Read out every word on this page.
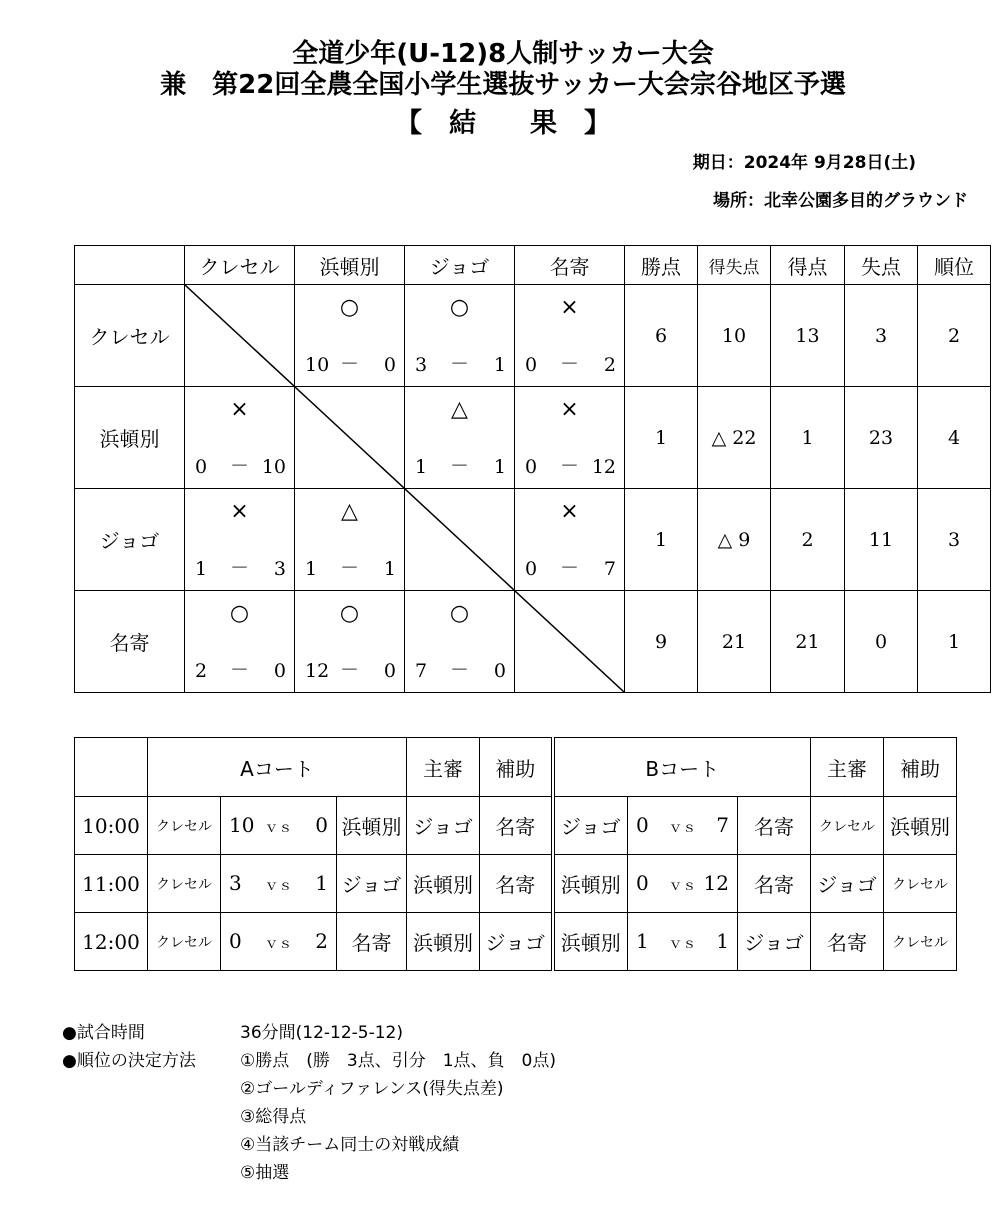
全道少年(U-12)8人制サッカー大会
兼　第22回全農全国小学生選抜サッカー大会宗谷地区予選
【　結　　果　】
期日：2024年 9月28日(土)
場所：北幸公園多目的グラウンド
	クレセル	浜頓別	ジョゴ	名寄	勝点	得失点	得点	失点	順位
クレセル		○
10 － 0	○
3 － 1	×
0 － 2	6	10	13	3	2
浜頓別	×
0 － 10		△
1 － 1	×
0 － 12	1	△ 22	1	23	4
ジョゴ	×
1 － 3	△
1 － 1		×
0 － 7	1	△ 9	2	11	3
名寄	○
2 － 0	○
12 － 0	○
7 － 0		9	21	21	0	1
	Aコート			主審	補助	Bコート			主審	補助
10:00	クレセル	10 ｖｓ 0	浜頓別	ジョゴ	名寄	ジョゴ	0 ｖｓ 7	名寄	クレセル	浜頓別
11:00	クレセル	3 ｖｓ 1	ジョゴ	浜頓別	名寄	浜頓別	0 ｖｓ 12	名寄	ジョゴ	クレセル
12:00	クレセル	0 ｖｓ 2	名寄	浜頓別	ジョゴ	浜頓別	1 ｖｓ 1	ジョゴ	名寄	クレセル
●試合時間	36分間(12-12-5-12)
●順位の決定方法	①勝点　(勝　3点、引分　1点、負　0点)
②ゴールディファレンス(得失点差)
③総得点
④当該チーム同士の対戦成績
⑤抽選
